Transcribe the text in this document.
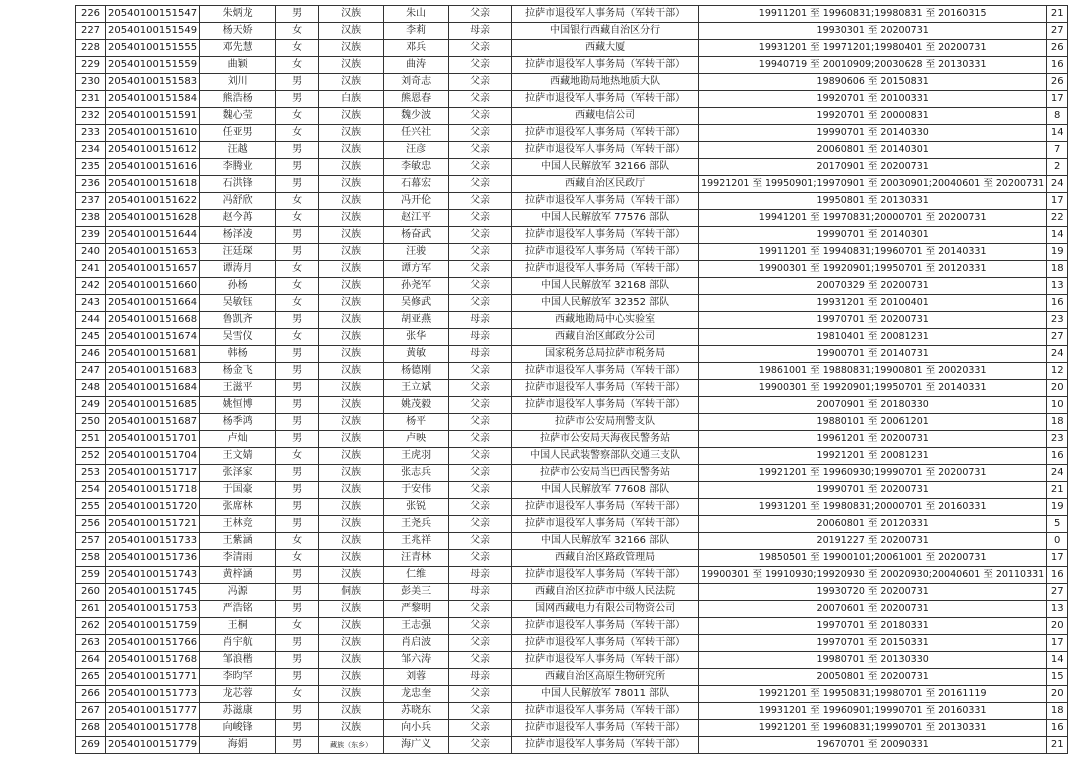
226	20540100151547	朱炳龙	男	汉族	朱山	父亲	拉萨市退役军人事务局（军转干部）	19911201 至 19960831;19980831 至 20160315	21
227	20540100151549	杨天娇	女	汉族	李莉	母亲	中国银行西藏自治区分行	19930301 至 20200731	27
228	20540100151555	邓先慧	女	汉族	邓兵	父亲	西藏大厦	19931201 至 19971201;19980401 至 20200731	26
229	20540100151559	曲颖	女	汉族	曲涛	父亲	拉萨市退役军人事务局（军转干部）	19940719 至 20010909;20030628 至 20130331	16
230	20540100151583	刘川	男	汉族	刘奇志	父亲	西藏地勘局地热地质大队	19890606 至 20150831	26
231	20540100151584	熊浩杨	男	白族	熊恩春	父亲	拉萨市退役军人事务局（军转干部）	19920701 至 20100331	17
232	20540100151591	魏心莹	女	汉族	魏少波	父亲	西藏电信公司	19920701 至 20000831	8
233	20540100151610	任亚男	女	汉族	任兴社	父亲	拉萨市退役军人事务局（军转干部）	19990701 至 20140330	14
234	20540100151612	汪越	男	汉族	汪彦	父亲	拉萨市退役军人事务局（军转干部）	20060801 至 20140301	7
235	20540100151616	李腾业	男	汉族	李敏忠	父亲	中国人民解放军 32166 部队	20170901 至 20200731	2
236	20540100151618	石洪锋	男	汉族	石幕宏	父亲	西藏自治区民政厅	19921201 至 19950901;19970901 至 20030901;20040601 至 20200731	24
237	20540100151622	冯舒欣	女	汉族	冯开伦	父亲	拉萨市退役军人事务局（军转干部）	19950801 至 20130331	17
238	20540100151628	赵今苒	女	汉族	赵江平	父亲	中国人民解放军 77576 部队	19941201 至 19970831;20000701 至 20200731	22
239	20540100151644	杨泽凌	男	汉族	杨奋武	父亲	拉萨市退役军人事务局（军转干部）	19990701 至 20140301	14
240	20540100151653	汪廷琛	男	汉族	汪骏	父亲	拉萨市退役军人事务局（军转干部）	19911201 至 19940831;19960701 至 20140331	19
241	20540100151657	谭涛月	女	汉族	谭方军	父亲	拉萨市退役军人事务局（军转干部）	19900301 至 19920901;19950701 至 20120331	18
242	20540100151660	孙杨	女	汉族	孙尧军	父亲	中国人民解放军 32168 部队	20070329 至 20200731	13
243	20540100151664	吴敏钰	女	汉族	吴修武	父亲	中国人民解放军 32352 部队	19931201 至 20100401	16
244	20540100151668	鲁凯齐	男	汉族	胡亚燕	母亲	西藏地勘局中心实验室	19970701 至 20200731	23
245	20540100151674	吴雪仪	女	汉族	张华	母亲	西藏自治区邮政分公司	19810401 至 20081231	27
246	20540100151681	韩杨	男	汉族	黄敏	母亲	国家税务总局拉萨市税务局	19900701 至 20140731	24
247	20540100151683	杨金飞	男	汉族	杨德刚	父亲	拉萨市退役军人事务局（军转干部）	19861001 至 19880831;19900801 至 20020331	12
248	20540100151684	王滋平	男	汉族	王立斌	父亲	拉萨市退役军人事务局（军转干部）	19900301 至 19920901;19950701 至 20140331	20
249	20540100151685	姚恒博	男	汉族	姚茂毅	父亲	拉萨市退役军人事务局（军转干部）	20070901 至 20180330	10
250	20540100151687	杨季鸿	男	汉族	杨平	父亲	拉萨市公安局刑警支队	19880101 至 20061201	18
251	20540100151701	卢灿	男	汉族	卢映	父亲	拉萨市公安局天海夜民警务站	19961201 至 20200731	23
252	20540100151704	王文婧	女	汉族	王虎羽	父亲	中国人民武装警察部队交通三支队	19921201 至 20081231	16
253	20540100151717	张泽家	男	汉族	张志兵	父亲	拉萨市公安局当巴西民警务站	19921201 至 19960930;19990701 至 20200731	24
254	20540100151718	于国豪	男	汉族	于安伟	父亲	中国人民解放军 77608 部队	19990701 至 20200731	21
255	20540100151720	张席林	男	汉族	张锐	父亲	拉萨市退役军人事务局（军转干部）	19931201 至 19980831;20000701 至 20160331	19
256	20540100151721	王林竞	男	汉族	王尧兵	父亲	拉萨市退役军人事务局（军转干部）	20060801 至 20120331	5
257	20540100151733	王紫涵	女	汉族	王兆祥	父亲	中国人民解放军 32166 部队	20191227 至 20200731	0
258	20540100151736	李清雨	女	汉族	汪青林	父亲	西藏自治区路政管理局	19850501 至 19900101;20061001 至 20200731	17
259	20540100151743	黄梓涵	男	汉族	仁维	母亲	拉萨市退役军人事务局（军转干部）	19900301 至 19910930;19920930 至 20020930;20040601 至 20110331	16
260	20540100151745	冯源	男	侗族	彭美三	母亲	西藏自治区拉萨市中级人民法院	19930720 至 20200731	27
261	20540100151753	严浩铭	男	汉族	严黎明	父亲	国网西藏电力有限公司物资公司	20070601 至 20200731	13
262	20540100151759	王桐	女	汉族	王志强	父亲	拉萨市退役军人事务局（军转干部）	19970701 至 20180331	20
263	20540100151766	肖宇航	男	汉族	肖启波	父亲	拉萨市退役军人事务局（军转干部）	19970701 至 20150331	17
264	20540100151768	邹浪楷	男	汉族	邹六涛	父亲	拉萨市退役军人事务局（军转干部）	19980701 至 20130330	14
265	20540100151771	李昀罕	男	汉族	刘蓉	母亲	西藏自治区高原生物研究所	20050801 至 20200731	15
266	20540100151773	龙芯蓉	女	汉族	龙忠奎	父亲	中国人民解放军 78011 部队	19921201 至 19950831;19980701 至 20161119	20
267	20540100151777	苏滋康	男	汉族	苏晓东	父亲	拉萨市退役军人事务局（军转干部）	19931201 至 19960901;19990701 至 20160331	18
268	20540100151778	向峻锋	男	汉族	向小兵	父亲	拉萨市退役军人事务局（军转干部）	19921201 至 19960831;19990701 至 20130331	16
269	20540100151779	海娟	男	藏族（东乡）	海广义	父亲	拉萨市退役军人事务局（军转干部）	19670701 至 20090331	21
